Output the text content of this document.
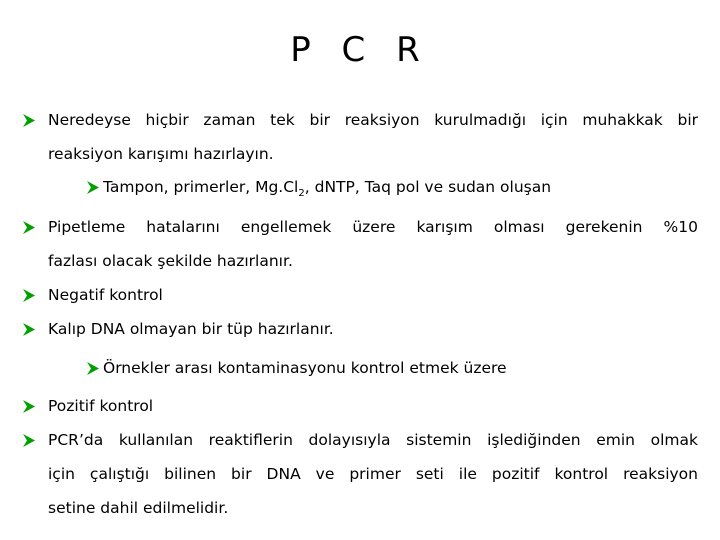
P C R
Neredeyse hiçbir zaman tek bir reaksiyon kurulmadığı için muhakkak bir
reaksiyon karışımı hazırlayın.
Tampon, primerler, $Mg.Cl_2$, dNTP, Taq pol ve sudan oluşan
Pipetleme hatalarını engellemek üzere karışım olması gerekenin %10
fazlası olacak şekilde hazırlanır.
Negatif kontrol
Kalıp DNA olmayan bir tüp hazırlanır.
Örnekler arası kontaminasyonu kontrol etmek üzere
Pozitif kontrol
PCR’da kullanılan reaktiflerin dolayısıyla sistemin işlediğinden emin olmak
için çalıştığı bilinen bir DNA ve primer seti ile pozitif kontrol reaksiyon
setine dahil edilmelidir.
